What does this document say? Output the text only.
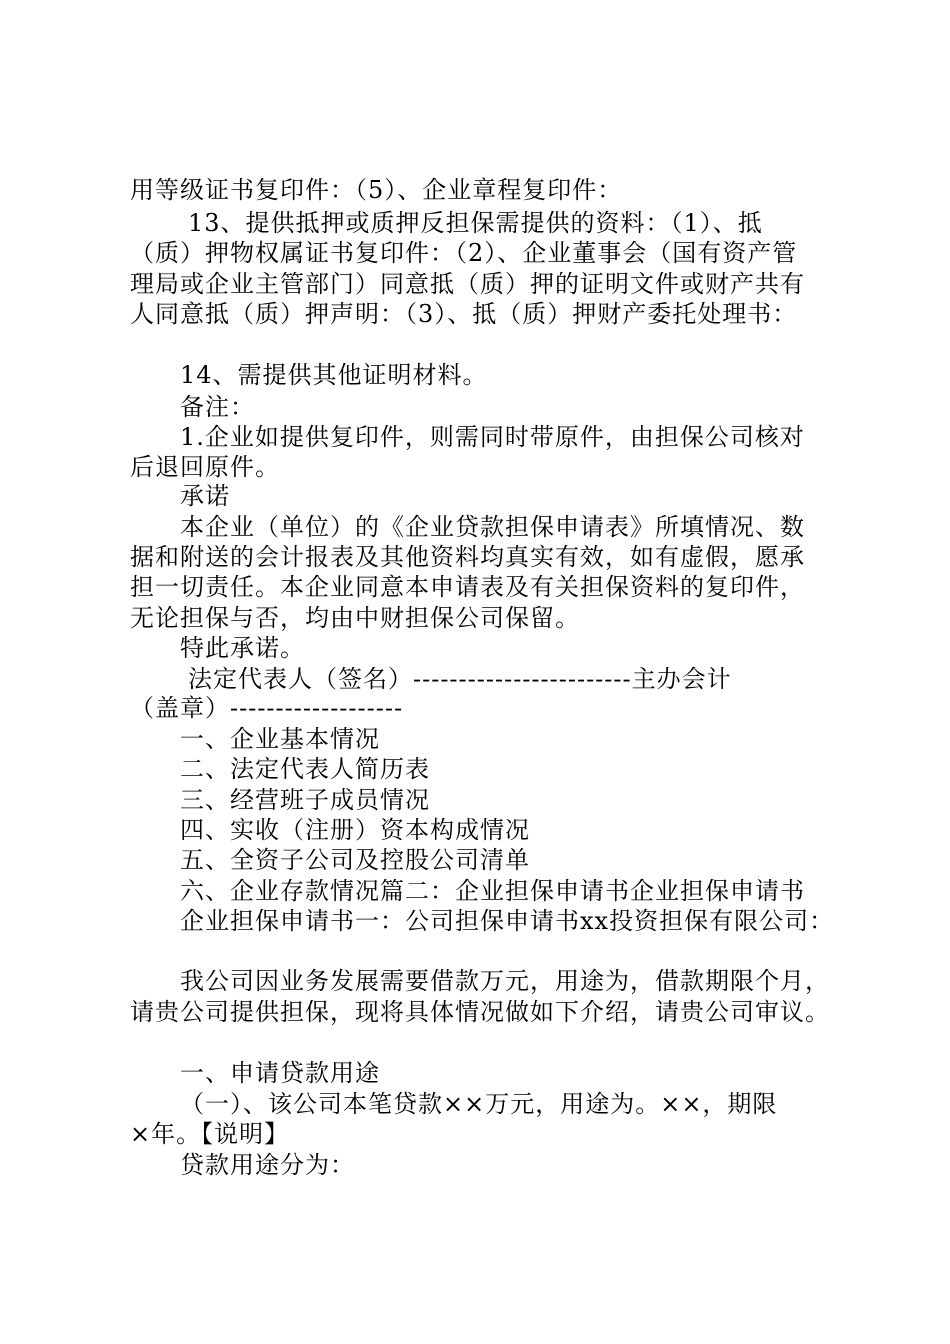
用等级证书复印件：（5）、企业章程复印件：
13、提供抵押或质押反担保需提供的资料：（1）、抵
（质）押物权属证书复印件：（2）、企业董事会（国有资产管
理局或企业主管部门）同意抵（质）押的证明文件或财产共有
人同意抵（质）押声明：（3）、抵（质）押财产委托处理书：
14、需提供其他证明材料。
备注：
1.企业如提供复印件，则需同时带原件，由担保公司核对
后退回原件。
承诺
本企业（单位）的《企业贷款担保申请表》所填情况、数
据和附送的会计报表及其他资料均真实有效，如有虚假，愿承
担一切责任。本企业同意本申请表及有关担保资料的复印件，
无论担保与否，均由中财担保公司保留。
特此承诺。
法定代表人（签名）------------------------主办会计
（盖章）-------------------
一、企业基本情况
二、法定代表人简历表
三、经营班子成员情况
四、实收（注册）资本构成情况
五、全资子公司及控股公司清单
六、企业存款情况篇二：企业担保申请书企业担保申请书
企业担保申请书一：公司担保申请书xx投资担保有限公司：
我公司因业务发展需要借款万元，用途为，借款期限个月，
请贵公司提供担保，现将具体情况做如下介绍，请贵公司审议。
一、申请贷款用途
（一）、该公司本笔贷款××万元，用途为。××，期限
×年。【说明】
贷款用途分为：
